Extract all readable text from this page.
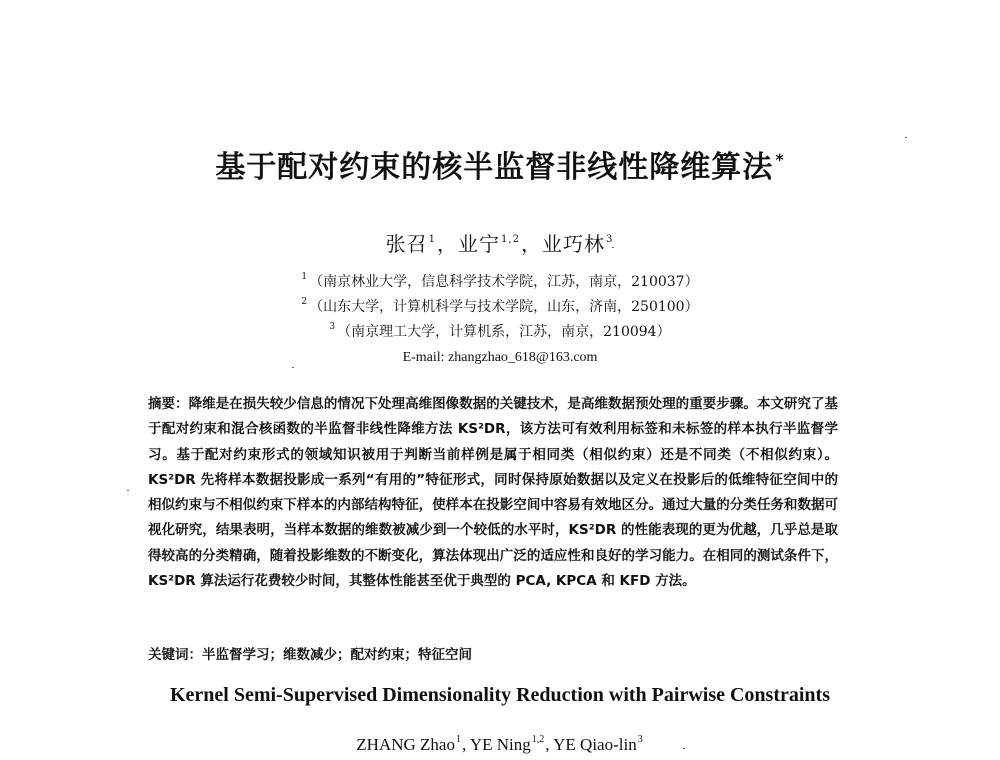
基于配对约束的核半监督非线性降维算法 *
张召$^1$，业宁$^{1,2}$，业巧林$^3$
$^1$ （南京林业大学，信息科学技术学院，江苏，南京，210037）
$^2$ （山东大学，计算机科学与技术学院，山东，济南，250100）
$^3$ （南京理工大学，计算机系，江苏，南京，210094）
E-mail: zhangzhao_618@163.com
摘要：降维是在损失较少信息的情况下处理高维图像数据的关键技术，是高维数据预处理的重要步骤。本文研究了基于配对约束和混合核函数的半监督非线性降维方法 KS²DR，该方法可有效利用标签和未标签的样本执行半监督学习。基于配对约束形式的领域知识被用于判断当前样例是属于相同类（相似约束）还是不同类（不相似约束）。KS²DR 先将样本数据投影成一系列“有用的”特征形式，同时保持原始数据以及定义在投影后的低维特征空间中的相似约束与不相似约束下样本的内部结构特征，使样本在投影空间中容易有效地区分。通过大量的分类任务和数据可视化研究，结果表明，当样本数据的维数被减少到一个较低的水平时，KS²DR 的性能表现的更为优越，几乎总是取得较高的分类精确，随着投影维数的不断变化，算法体现出广泛的适应性和良好的学习能力。在相同的测试条件下，KS²DR 算法运行花费较少时间，其整体性能甚至优于典型的 PCA, KPCA 和 KFD 方法。
关键词：半监督学习；维数减少；配对约束；特征空间
Kernel Semi-Supervised Dimensionality Reduction with Pairwise Constraints
ZHANG Zhao$^1$, YE Ning$^{1,2}$, YE Qiao-lin$^3$
